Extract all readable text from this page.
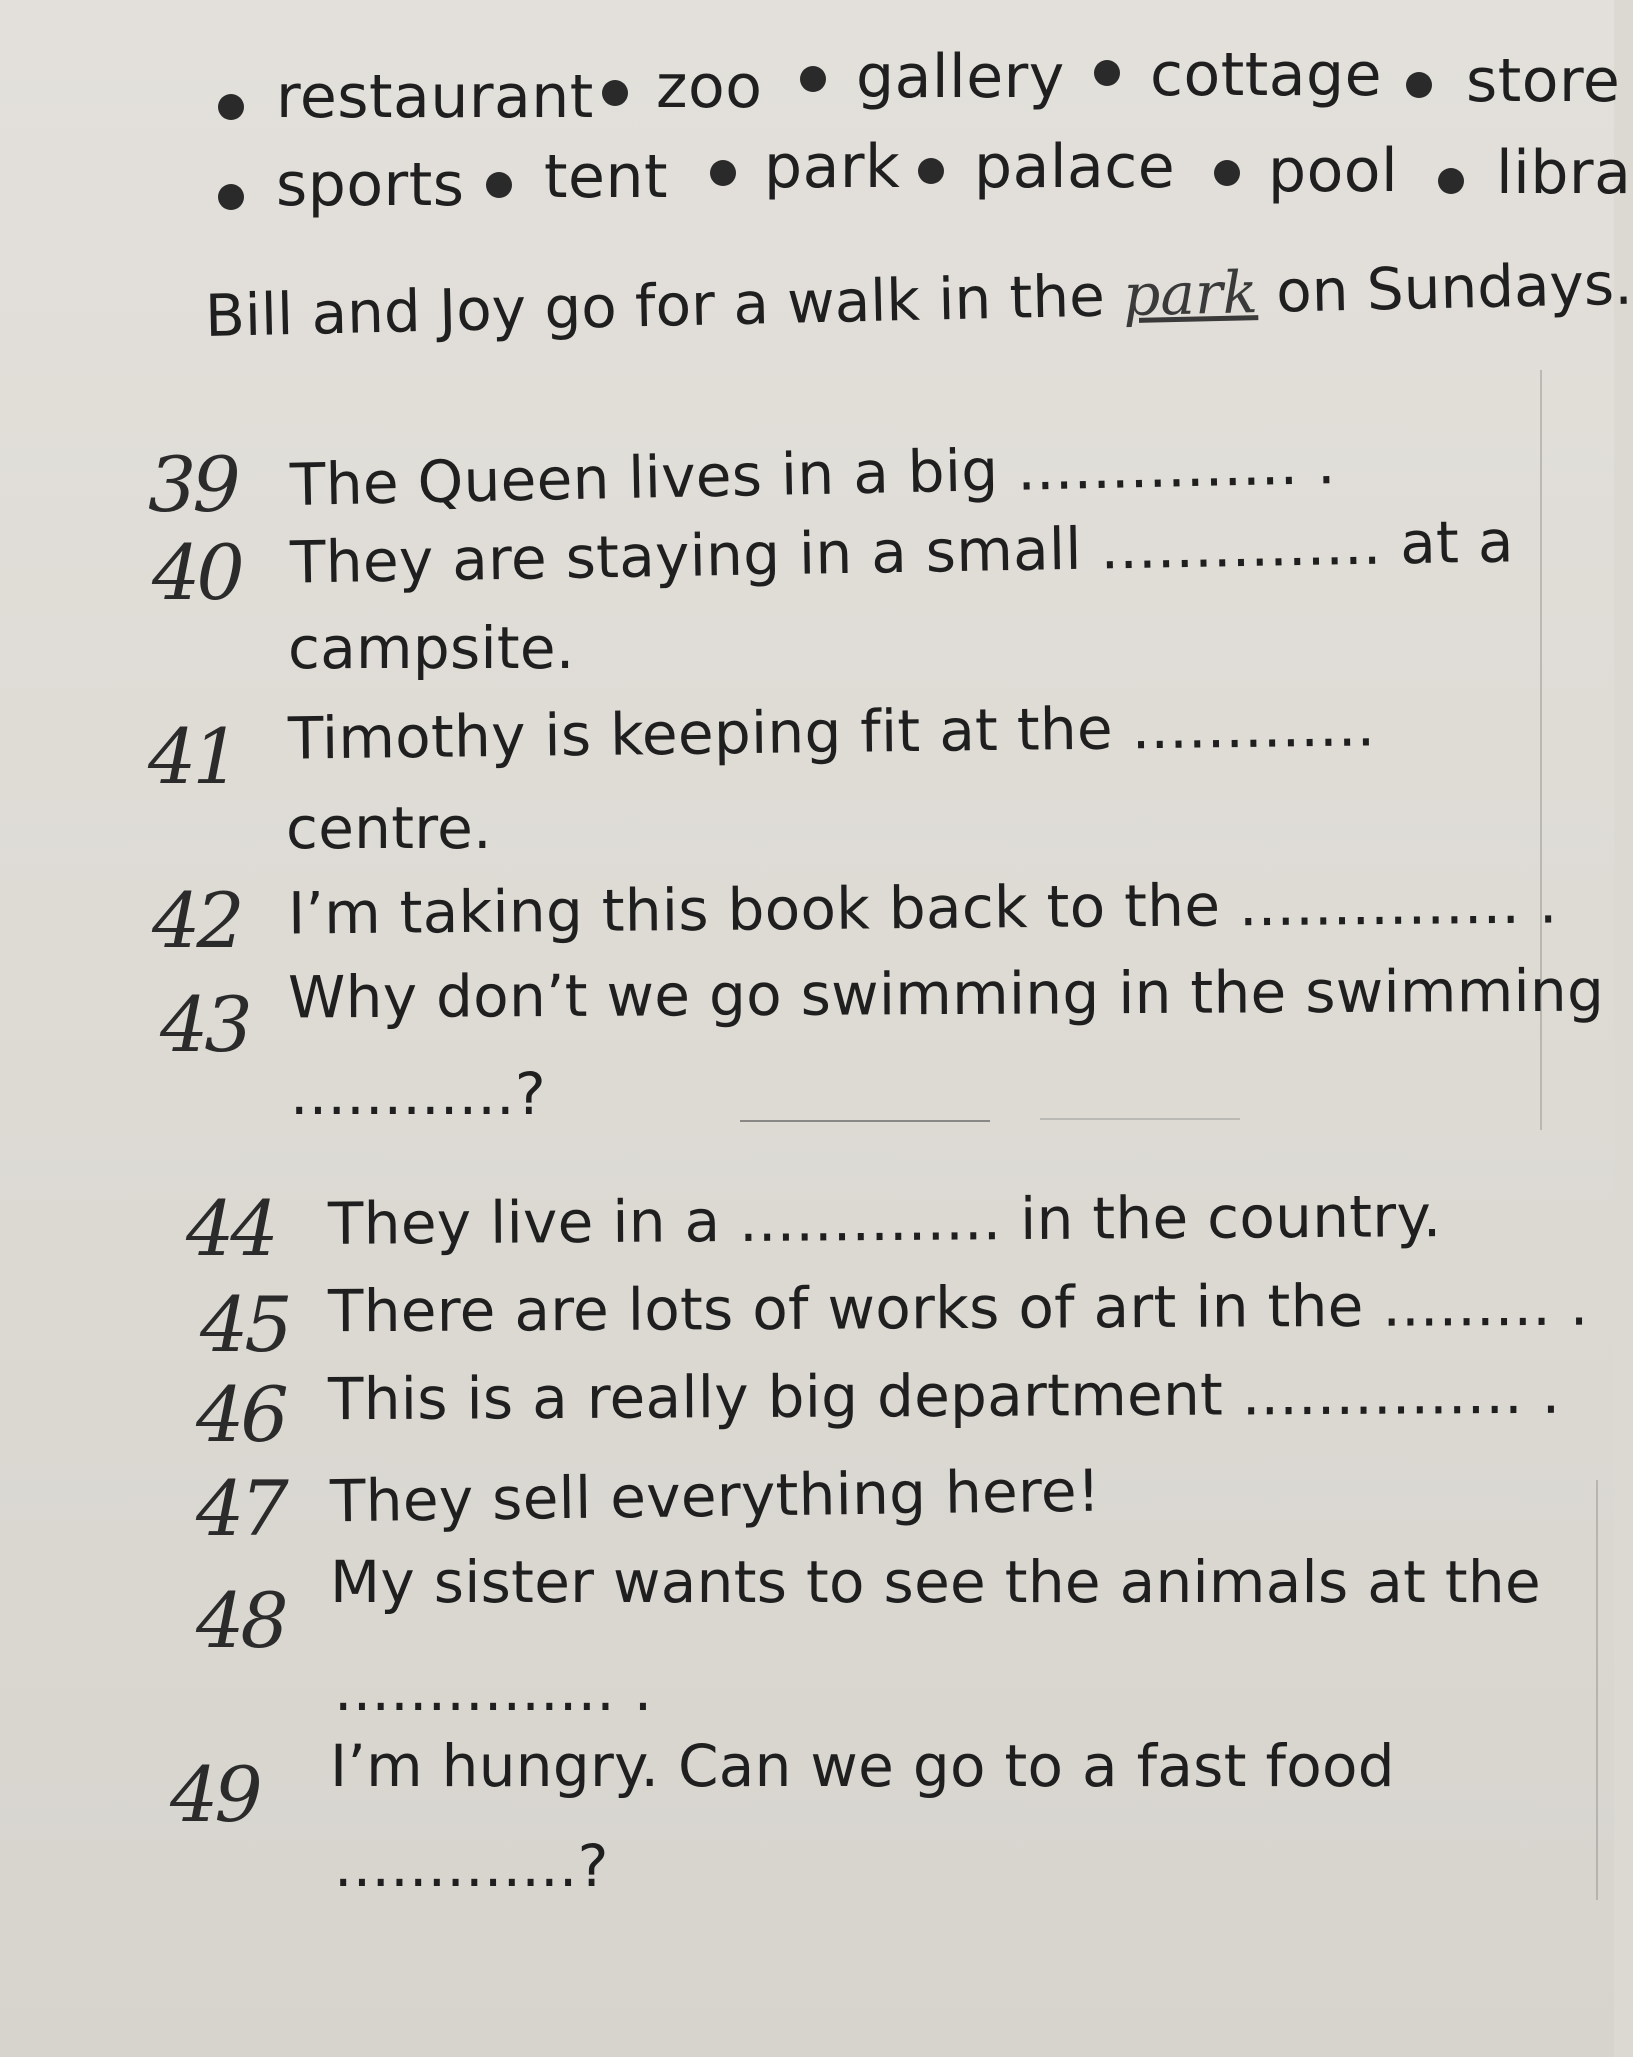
restaurant zoo gallery cottage store
sports tent park palace pool libra
Bill and Joy go for a walk in the park on Sundays.
39 The Queen lives in a big ............... .
40 They are staying in a small ............... at a
campsite.
41 Timothy is keeping fit at the .............
centre.
42 I’m taking this book back to the ............... .
43 Why don’t we go swimming in the swimming
............?
44 They live in a .............. in the country.
45 There are lots of works of art in the ......... .
46 This is a really big department ............... .
They sell everything here!
47
48 My sister wants to see the animals at the
............... .
49 I’m hungry. Can we go to a fast food
.............?
